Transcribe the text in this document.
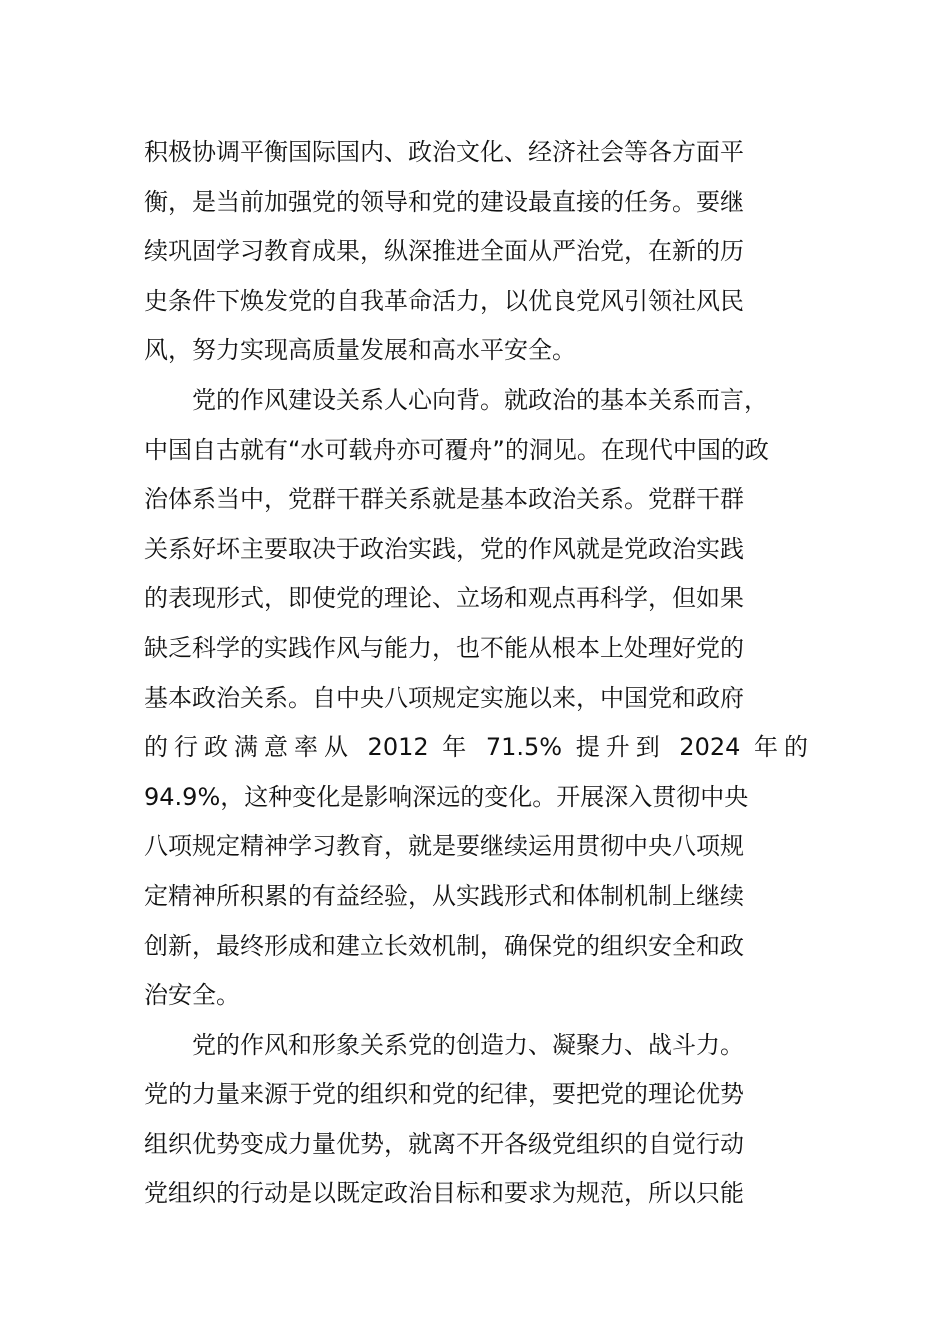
积极协调平衡国际国内、政治文化、经济社会等各方面平
衡，是当前加强党的领导和党的建设最直接的任务。要继
续巩固学习教育成果，纵深推进全面从严治党，在新的历
史条件下焕发党的自我革命活力，以优良党风引领社风民
风，努力实现高质量发展和高水平安全。
党的作风建设关系人心向背。就政治的基本关系而言，
中国自古就有“水可载舟亦可覆舟”的洞见。在现代中国的政
治体系当中，党群干群关系就是基本政治关系。党群干群
关系好坏主要取决于政治实践，党的作风就是党政治实践
的表现形式，即使党的理论、立场和观点再科学，但如果
缺乏科学的实践作风与能力，也不能从根本上处理好党的
基本政治关系。自中央八项规定实施以来，中国党和政府
的行政满意率从 2012 年 71.5% 提升到 2024 年的
94.9%，这种变化是影响深远的变化。开展深入贯彻中央
八项规定精神学习教育，就是要继续运用贯彻中央八项规
定精神所积累的有益经验，从实践形式和体制机制上继续
创新，最终形成和建立长效机制，确保党的组织安全和政
治安全。
党的作风和形象关系党的创造力、凝聚力、战斗力。
党的力量来源于党的组织和党的纪律，要把党的理论优势
组织优势变成力量优势，就离不开各级党组织的自觉行动
党组织的行动是以既定政治目标和要求为规范，所以只能
